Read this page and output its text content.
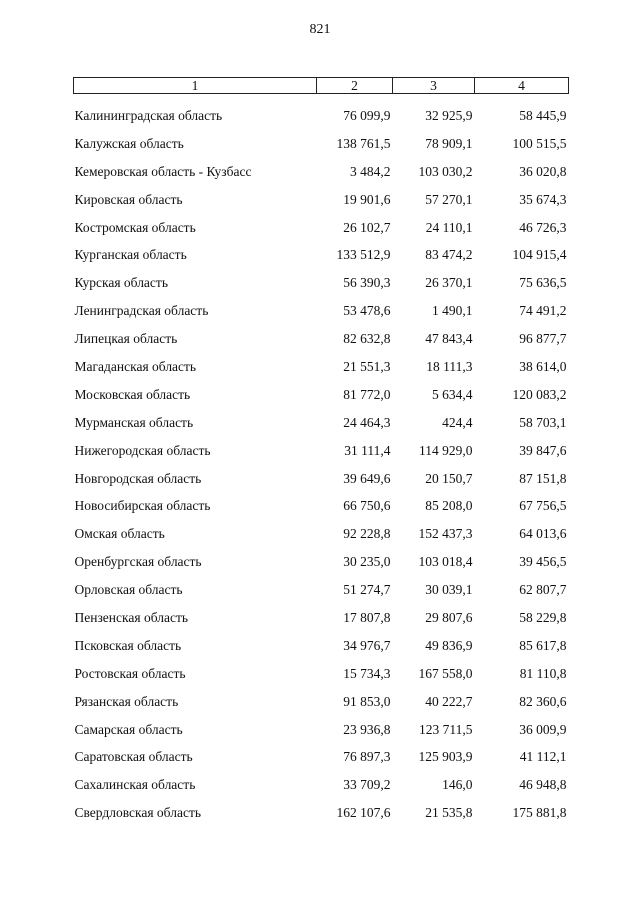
821
1	2	3	4
Калининградская область	76 099,9	32 925,9	58 445,9
Калужская область	138 761,5	78 909,1	100 515,5
Кемеровская область - Кузбасс	3 484,2	103 030,2	36 020,8
Кировская область	19 901,6	57 270,1	35 674,3
Костромская область	26 102,7	24 110,1	46 726,3
Курганская область	133 512,9	83 474,2	104 915,4
Курская область	56 390,3	26 370,1	75 636,5
Ленинградская область	53 478,6	1 490,1	74 491,2
Липецкая область	82 632,8	47 843,4	96 877,7
Магаданская область	21 551,3	18 111,3	38 614,0
Московская область	81 772,0	5 634,4	120 083,2
Мурманская область	24 464,3	424,4	58 703,1
Нижегородская область	31 111,4	114 929,0	39 847,6
Новгородская область	39 649,6	20 150,7	87 151,8
Новосибирская область	66 750,6	85 208,0	67 756,5
Омская область	92 228,8	152 437,3	64 013,6
Оренбургская область	30 235,0	103 018,4	39 456,5
Орловская область	51 274,7	30 039,1	62 807,7
Пензенская область	17 807,8	29 807,6	58 229,8
Псковская область	34 976,7	49 836,9	85 617,8
Ростовская область	15 734,3	167 558,0	81 110,8
Рязанская область	91 853,0	40 222,7	82 360,6
Самарская область	23 936,8	123 711,5	36 009,9
Саратовская область	76 897,3	125 903,9	41 112,1
Сахалинская область	33 709,2	146,0	46 948,8
Свердловская область	162 107,6	21 535,8	175 881,8
